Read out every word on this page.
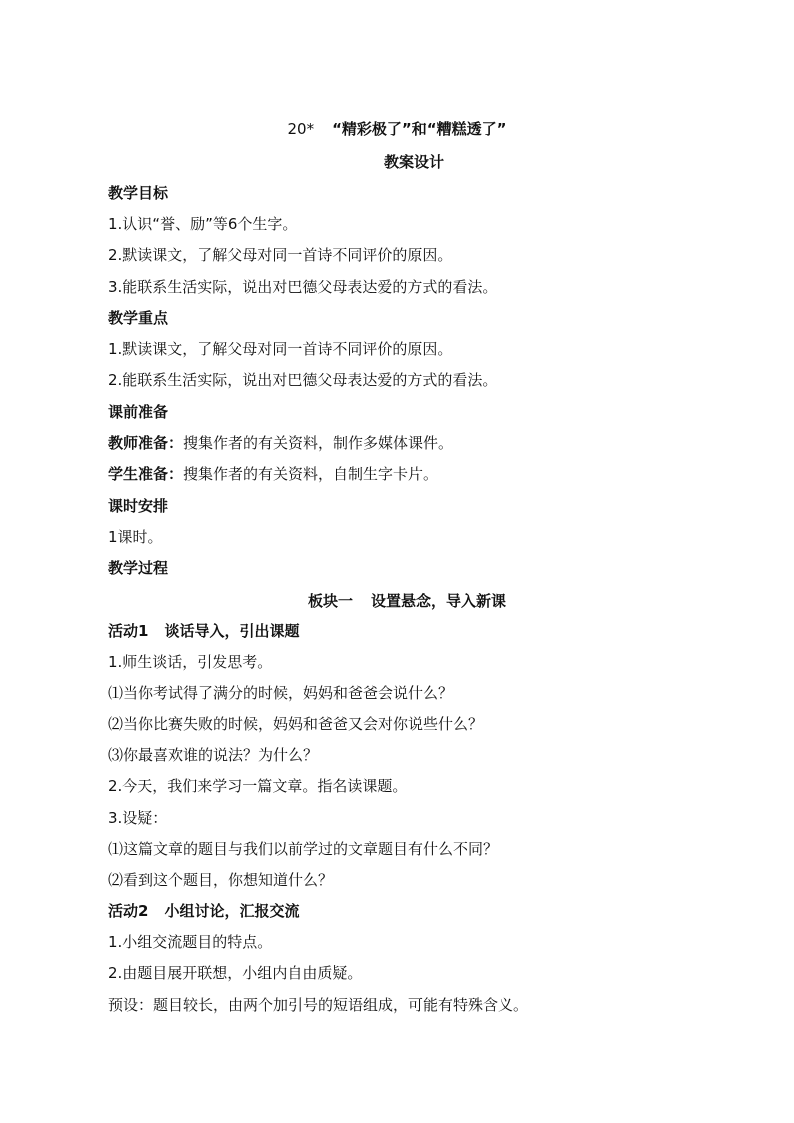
20* “精彩极了”和“糟糕透了”
教案设计
教学目标
1.认识“誉、励”等6个生字。
2.默读课文，了解父母对同一首诗不同评价的原因。
3.能联系生活实际，说出对巴德父母表达爱的方式的看法。
教学重点
1.默读课文，了解父母对同一首诗不同评价的原因。
2.能联系生活实际，说出对巴德父母表达爱的方式的看法。
课前准备
教师准备：搜集作者的有关资料，制作多媒体课件。
学生准备：搜集作者的有关资料，自制生字卡片。
课时安排
1课时。
教学过程
板块一 设置悬念，导入新课
活动1 谈话导入，引出课题
1.师生谈话，引发思考。
⑴当你考试得了满分的时候，妈妈和爸爸会说什么？
⑵当你比赛失败的时候，妈妈和爸爸又会对你说些什么？
⑶你最喜欢谁的说法？为什么？
2.今天，我们来学习一篇文章。指名读课题。
3.设疑：
⑴这篇文章的题目与我们以前学过的文章题目有什么不同？
⑵看到这个题目，你想知道什么？
活动2 小组讨论，汇报交流
1.小组交流题目的特点。
2.由题目展开联想，小组内自由质疑。
预设：题目较长，由两个加引号的短语组成，可能有特殊含义。
